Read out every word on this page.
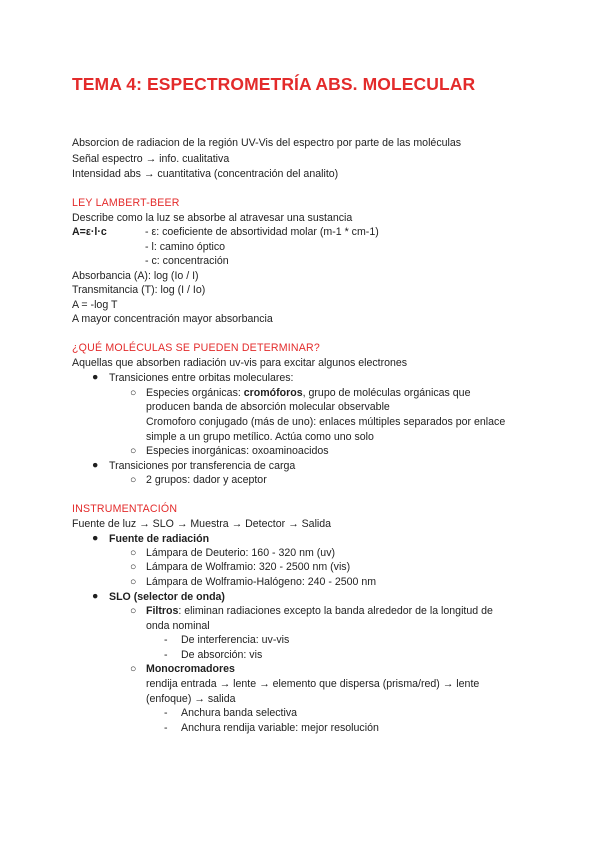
TEMA 4: ESPECTROMETRÍA ABS. MOLECULAR
Absorcion de radiacion de la región UV-Vis del espectro por parte de las moléculas
Señal espectro → info. cualitativa
Intensidad abs → cuantitativa (concentración del analito)
LEY LAMBERT-BEER
Describe como la luz se absorbe al atravesar una sustancia
A=ε·l·c	- ε: coeficiente de absortividad molar (m-1 * cm-1)
- l: camino óptico
- c: concentración
Absorbancia (A): log (Io / I)
Transmitancia (T): log (I / Io)
A = -log T
A mayor concentración mayor absorbancia
¿QUÉ MOLÉCULAS SE PUEDEN DETERMINAR?
Aquellas que absorben radiación uv-vis para excitar algunos electrones
● Transiciones entre orbitas moleculares:
○ Especies orgánicas: cromóforos, grupo de moléculas orgánicas que
producen banda de absorción molecular observable
Cromoforo conjugado (más de uno): enlaces múltiples separados por enlace
simple a un grupo metílico. Actúa como uno solo
○ Especies inorgánicas: oxoaminoacidos
● Transiciones por transferencia de carga
○ 2 grupos: dador y aceptor
INSTRUMENTACIÓN
Fuente de luz → SLO → Muestra → Detector → Salida
● Fuente de radiación
○ Lámpara de Deuterio: 160 - 320 nm (uv)
○ Lámpara de Wolframio: 320 - 2500 nm (vis)
○ Lámpara de Wolframio-Halógeno: 240 - 2500 nm
● SLO (selector de onda)
○ Filtros: eliminan radiaciones excepto la banda alrededor de la longitud de
onda nominal
- De interferencia: uv-vis
- De absorción: vis
○ Monocromadores
rendija entrada → lente → elemento que dispersa (prisma/red) → lente
(enfoque) → salida
- Anchura banda selectiva
- Anchura rendija variable: mejor resolución
